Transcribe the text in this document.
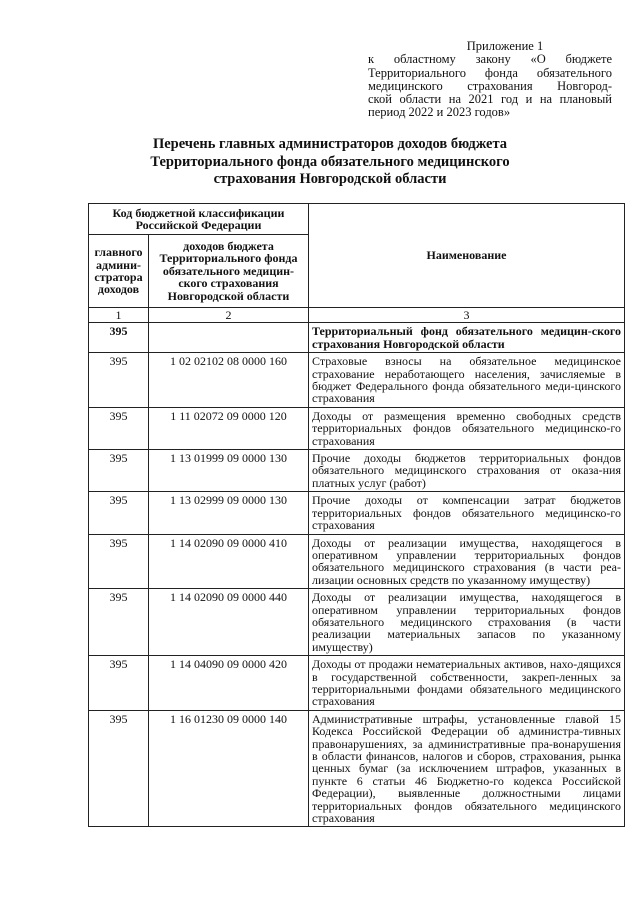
Приложение 1
к областному закону «О бюджете
Территориального фонда обязательного
медицинского страхования Новгород-
ской области на 2021 год и на плановый
период 2022 и 2023 годов»
Перечень главных администраторов доходов бюджета
Территориального фонда обязательного медицинского
страхования Новгородской области
Код бюджетной классификации Российской Федерации		Наименование
главного админи-стратора доходов	доходов бюджета Территориального фонда обязательного медицин-ского страхования Новгородской области	
1	2	3
395		Территориальный фонд обязательного медицин-ского страхования Новгородской области
395	1 02 02102 08 0000 160	Страховые взносы на обязательное медицинское страхование неработающего населения, зачисляемые в бюджет Федерального фонда обязательного меди-цинского страхования
395	1 11 02072 09 0000 120	Доходы от размещения временно свободных средств территориальных фондов обязательного медицинско-го страхования
395	1 13 01999 09 0000 130	Прочие доходы бюджетов территориальных фондов обязательного медицинского страхования от оказа-ния платных услуг (работ)
395	1 13 02999 09 0000 130	Прочие доходы от компенсации затрат бюджетов территориальных фондов обязательного медицинско-го страхования
395	1 14 02090 09 0000 410	Доходы от реализации имущества, находящегося в оперативном управлении территориальных фондов обязательного медицинского страхования (в части реа-лизации основных средств по указанному имуществу)
395	1 14 02090 09 0000 440	Доходы от реализации имущества, находящегося в оперативном управлении территориальных фондов обязательного медицинского страхования (в части реализации материальных запасов по указанному имуществу)
395	1 14 04090 09 0000 420	Доходы от продажи нематериальных активов, нахо-дящихся в государственной собственности, закреп-ленных за территориальными фондами обязательного медицинского страхования
395	1 16 01230 09 0000 140	Административные штрафы, установленные главой 15 Кодекса Российской Федерации об администра-тивных правонарушениях, за административные пра-вонарушения в области финансов, налогов и сборов, страхования, рынка ценных бумаг (за исключением штрафов, указанных в пункте 6 статьи 46 Бюджетно-го кодекса Российской Федерации), выявленные должностными лицами территориальных фондов обязательного медицинского страхования
